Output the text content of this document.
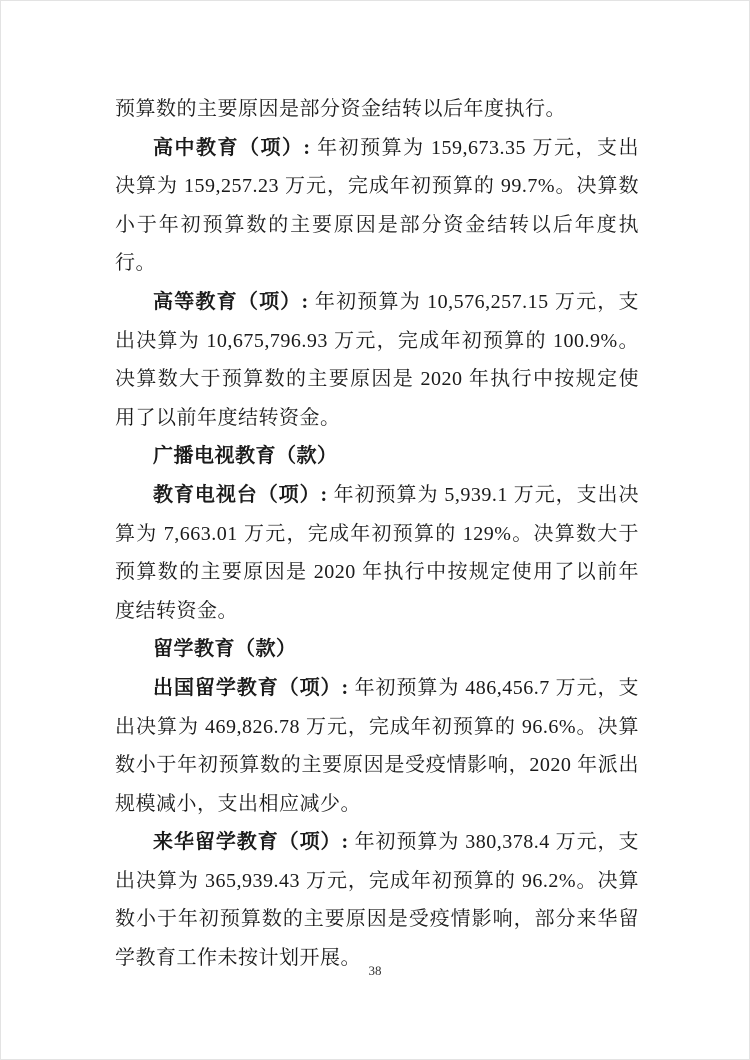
预算数的主要原因是部分资金结转以后年度执行。

高中教育（项）: 年初预算为 159,673.35 万元，支出决算为 159,257.23 万元，完成年初预算的 99.7%。决算数小于年初预算数的主要原因是部分资金结转以后年度执行。

高等教育（项）: 年初预算为 10,576,257.15 万元，支出决算为 10,675,796.93 万元，完成年初预算的 100.9%。决算数大于预算数的主要原因是 2020 年执行中按规定使用了以前年度结转资金。

广播电视教育（款）

教育电视台（项）: 年初预算为 5,939.1 万元，支出决算为 7,663.01 万元，完成年初预算的 129%。决算数大于预算数的主要原因是 2020 年执行中按规定使用了以前年度结转资金。

留学教育（款）

出国留学教育（项）: 年初预算为 486,456.7 万元，支出决算为 469,826.78 万元，完成年初预算的 96.6%。决算数小于年初预算数的主要原因是受疫情影响，2020 年派出规模减小，支出相应减少。

来华留学教育（项）: 年初预算为 380,378.4 万元，支出决算为 365,939.43 万元，完成年初预算的 96.2%。决算数小于年初预算数的主要原因是受疫情影响，部分来华留学教育工作未按计划开展。

38
